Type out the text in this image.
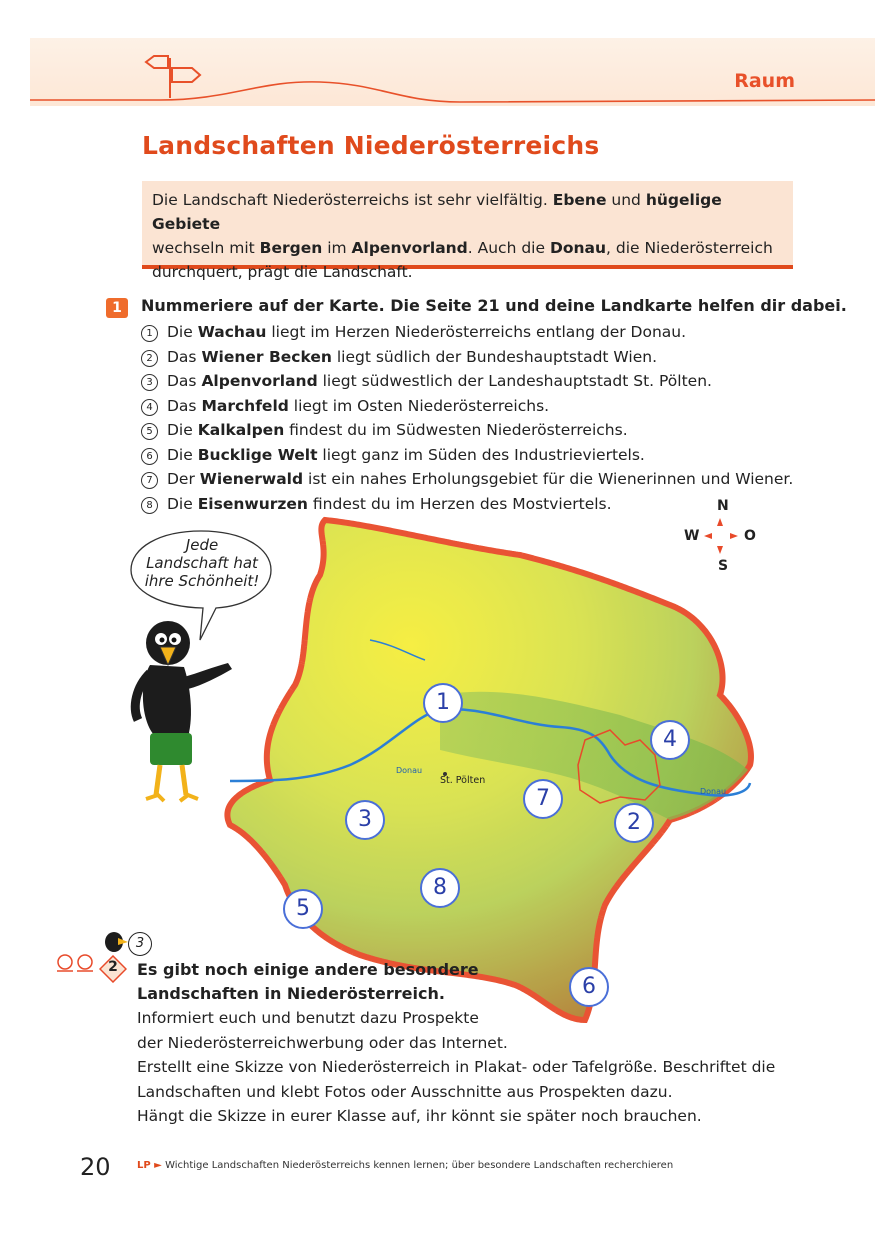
Raum
Landschaften Niederösterreichs
Die Landschaft Niederösterreichs ist sehr vielfältig. Ebene und hügelige Gebiete
wechseln mit Bergen im Alpenvorland. Auch die Donau, die Niederösterreich
durchquert, prägt die Landschaft.
1	Nummeriere auf der Karte. Die Seite 21 und deine Landkarte helfen dir dabei.
1 Die Wachau liegt im Herzen Niederösterreichs entlang der Donau.
2 Das Wiener Becken liegt südlich der Bundeshauptstadt Wien.
3 Das Alpenvorland liegt südwestlich der Landeshauptstadt St. Pölten.
4 Das Marchfeld liegt im Osten Niederösterreichs.
5 Die Kalkalpen findest du im Südwesten Niederösterreichs.
6 Die Bucklige Welt liegt ganz im Süden des Industrieviertels.
7 Der Wienerwald ist ein nahes Erholungsgebiet für die Wienerinnen und Wiener.
8 Die Eisenwurzen findest du im Herzen des Mostviertels.
St. Pölten
Donau
Donau
1
4
7
2
3
8
5
6
N
S
W	O
Jede
Landschaft hat
ihre Schönheit!
2
3
Es gibt noch einige andere besondere
Landschaften in Niederösterreich.
Informiert euch und benutzt dazu Prospekte
der Niederösterreichwerbung oder das Internet.
Erstellt eine Skizze von Niederösterreich in Plakat- oder Tafelgröße. Beschriftet die
Landschaften und klebt Fotos oder Ausschnitte aus Prospekten dazu.
Hängt die Skizze in eurer Klasse auf, ihr könnt sie später noch brauchen.
20	LP ► Wichtige Landschaften Niederösterreichs kennen lernen; über besondere Landschaften recherchieren
